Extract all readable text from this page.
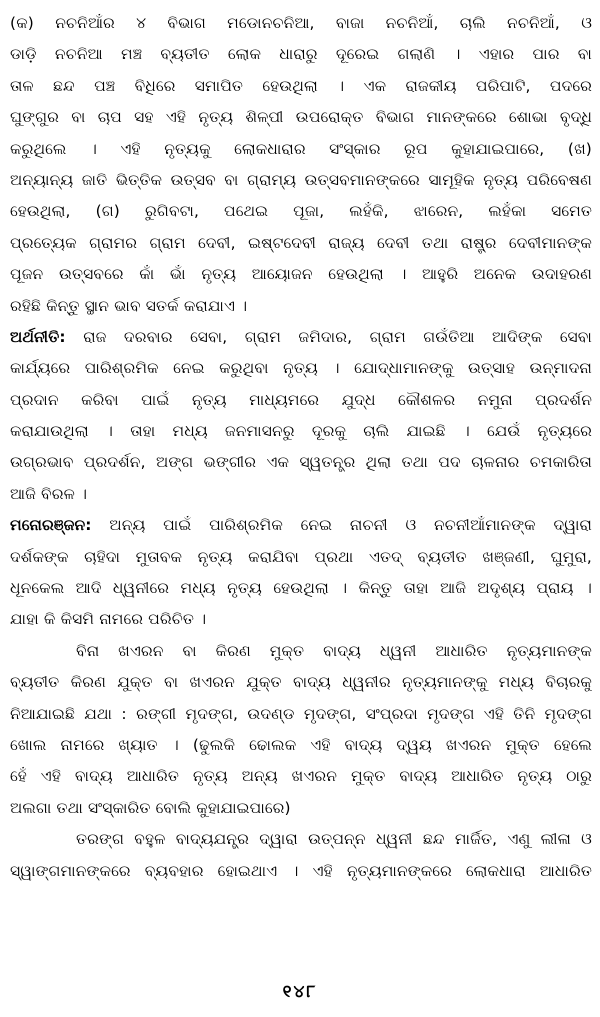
(କ) ନଚନିଆଁର ୪ ବିଭାଗ ମଡୋନଚନିଆ, ବାଜା ନଚନିଆଁ, ଚାଲି ନଚନିଆଁ, ଓ
ଡାଡ଼ି ନଚନିଆ ମଞ୍ଚ ବ୍ୟତୀତ ଲୋକ ଧାରାରୁ ଦୂରେଇ ଗଲାଣି । ଏହାର ପାର ବା
ତାଳ ଛନ୍ଦ ପଞ୍ଚ ବିଧିରେ ସମାପିତ ହେଉଥିଲା । ଏକ ରାଜକୀୟ ପରିପାଟି, ପଦରେ
ଘୁଙ୍ଗୁର ବା ଚାପ ସହ ଏହି ନୃତ୍ୟ ଶିଳ୍ପୀ ଉପରୋକ୍ତ ବିଭାଗ ମାନଙ୍କରେ ଶୋଭା ବୃଦ୍ଧି
କରୁଥିଲେ । ଏହି ନୃତ୍ୟକୁ ଲୋକଧାରାର ସଂସ୍କାର ରୂପ କୁହାଯାଇପାରେ, (ଖ)
ଅନ୍ୟାନ୍ୟ ଜାତି ଭିତ୍ତିକ ଉତ୍ସବ ବା ଗ୍ରାମ୍ୟ ଉତ୍ସବମାନଙ୍କରେ ସାମୂହିକ ନୃତ୍ୟ ପରିବେଷଣ
ହେଉଥିଲା, (ଗ) ରୁଗିବଟା, ପଥେଇ ପୂଜା, ଲହଁକି, ଝାରେନ, ଲହଁକା ସମେତ
ପ୍ରତ୍ୟେକ ଗ୍ରାମର ଗ୍ରାମ ଦେବୀ, ଇଷ୍ଟଦେବୀ ରାଜ୍ୟ ଦେବୀ ତଥା ରାଷ୍ଟ୍ର ଦେବୀମାନଙ୍କ
ପୂଜନ ଉତ୍ସବରେ କାଁ ଭାଁ ନୃତ୍ୟ ଆୟୋଜନ ହେଉଥିଲା । ଆହୁରି ଅନେକ ଉଦାହରଣ
ରହିଛି କିନ୍ତୁ ସ୍ଥାନ ଭାବ ସତର୍କ କରାଯାଏ ।
ଅର୍ଥନୀତି: ରାଜ ଦରବାର ସେବା, ଗ୍ରାମ ଜମିଦାର, ଗ୍ରାମ ଗଉଁତିଆ ଆଦିଙ୍କ ସେବା
କାର୍ଯ୍ୟରେ ପାରିଶ୍ରମିକ ନେଇ କରୁଥିବା ନୃତ୍ୟ । ଯୋଦ୍ଧାମାନଙ୍କୁ ଉତ୍ସାହ ଉନ୍ମାଦନା
ପ୍ରଦାନ କରିବା ପାଇଁ ନୃତ୍ୟ ମାଧ୍ୟମରେ ଯୁଦ୍ଧ କୌଶଳର ନମୁନା ପ୍ରଦର୍ଶନ
କରାଯାଉଥିଲା । ତାହା ମଧ୍ୟ ଜନମାସନରୁ ଦୂରକୁ ଚାଲି ଯାଇଛି । ଯେଉଁ ନୃତ୍ୟରେ
ଉଗ୍ରଭାବ ପ୍ରଦର୍ଶନ, ଅଙ୍ଗ ଭଙ୍ଗୀର ଏକ ସ୍ୱତନ୍ତ୍ର ଥିଲା ତଥା ପଦ ଚାଳନାର ଚମକାରିତା
ଆଜି ବିରଳ ।
ମନୋରଞ୍ଜନ: ଅନ୍ୟ ପାଇଁ ପାରିଶ୍ରମିକ ନେଇ ନାଚନୀ ଓ ନଚନୀଆଁମାନଙ୍କ ଦ୍ୱାରା
ଦର୍ଶକଙ୍କ ଚାହିଦା ମୁତାବକ ନୃତ୍ୟ କରାଯିବା ପ୍ରଥା ଏତଦ୍ ବ୍ୟତୀତ ଖଞ୍ଜଣୀ, ଘୁମୁରା,
ଧୂନକେଲ ଆଦି ଧ୍ୱନୀରେ ମଧ୍ୟ ନୃତ୍ୟ ହେଉଥିଲା । କିନ୍ତୁ ତାହା ଆଜି ଅଦୃଶ୍ୟ ପ୍ରାୟ ।
ଯାହା କି କିସମି ନାମରେ ପରିଚିତ ।
ବିନା ଖଏରନ ବା କିରଣ ମୁକ୍ତ ବାଦ୍ୟ ଧ୍ୱନୀ ଆଧାରିତ ନୃତ୍ୟମାନଙ୍କ
ବ୍ୟତୀତ କିରଣ ଯୁକ୍ତ ବା ଖଏରନ ଯୁକ୍ତ ବାଦ୍ୟ ଧ୍ୱନୀର ନୃତ୍ୟମାନଙ୍କୁ ମଧ୍ୟ ବିଚାରକୁ
ନିଆଯାଇଛି ଯଥା : ରଙ୍ଗୀ ମୃଦଙ୍ଗ, ଉଦଣ୍ଡ ମୃଦଙ୍ଗ, ସଂପ୍ରଦା ମୃଦଙ୍ଗ ଏହି ତିନି ମୃଦଙ୍ଗ
ଖୋଲ ନାମରେ ଖ୍ୟାତ । (ଢୁଲକି ଢୋଲକ ଏହି ବାଦ୍ୟ ଦ୍ୱୟ ଖଏରନ ମୁକ୍ତ ହେଲେ
ହେଁ ଏହି ବାଦ୍ୟ ଆଧାରିତ ନୃତ୍ୟ ଅନ୍ୟ ଖଏରନ ମୁକ୍ତ ବାଦ୍ୟ ଆଧାରିତ ନୃତ୍ୟ ଠାରୁ
ଅଲଗା ତଥା ସଂସ୍କାରିତ ବୋଲି କୁହାଯାଇପାରେ)
ତରଙ୍ଗ ବହୁଳ ବାଦ୍ୟଯନ୍ତ୍ର ଦ୍ୱାରା ଉତ୍ପନ୍ନ ଧ୍ୱନୀ ଛନ୍ଦ ମାର୍ଜିତ, ଏଣୁ ଲୀଳା ଓ
ସ୍ୱାଙ୍ଗମାନଙ୍କରେ ବ୍ୟବହାର ହୋଇଥାଏ । ଏହି ନୃତ୍ୟମାନଙ୍କରେ ଲୋକଧାରା ଆଧାରିତ
୧୪୮
